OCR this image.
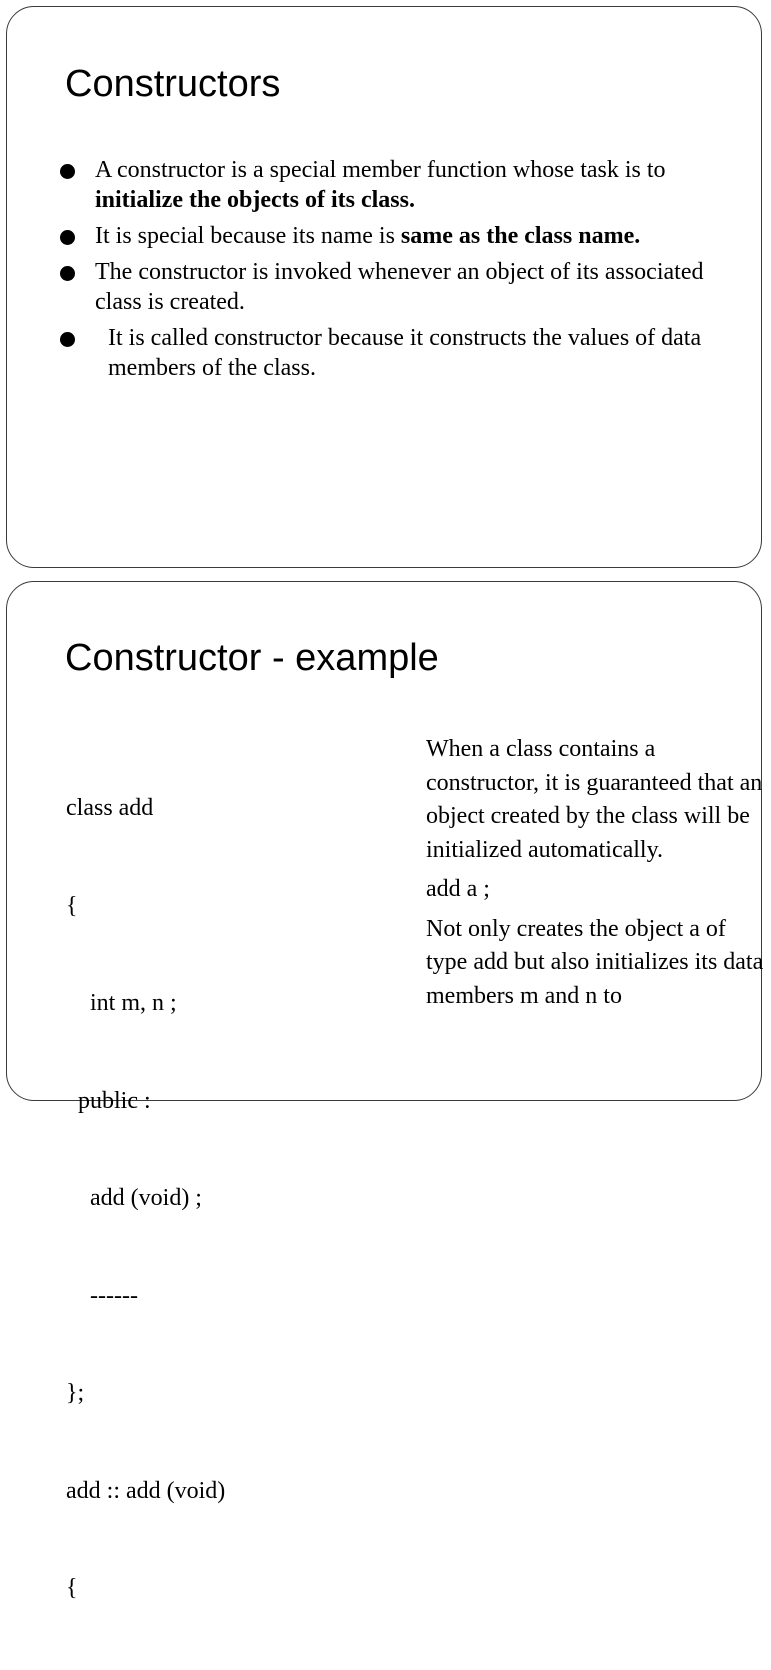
Constructors
A constructor is a special member function whose task is to initialize the objects of its class.
It is special because its name is same as the class name.
The constructor is invoked whenever an object of its associated class is created.
It is called constructor because it constructs the values of data members of the class.
Constructor - example

class add

{

int m, n ;

public :

add (void) ;

------

};

add :: add (void)

{

When a class contains a constructor, it is guaranteed that an object created by the class will be initialized automatically.

add a ;

Not only creates the object a of type add but also initializes its data members m and n to
